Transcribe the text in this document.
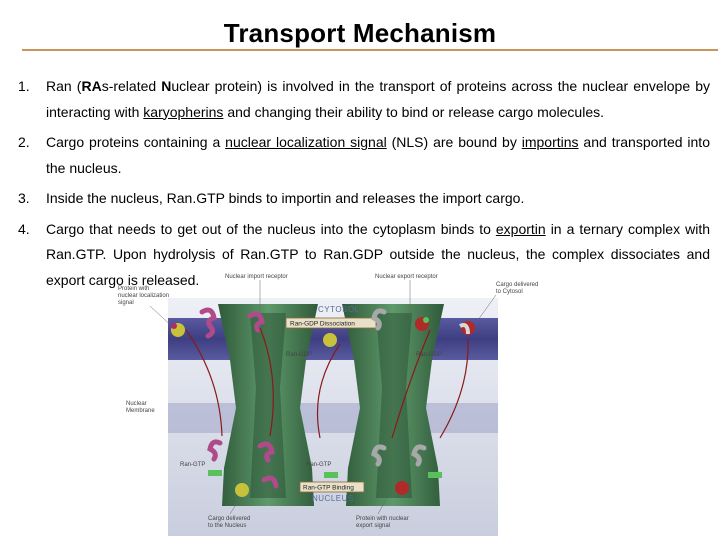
Transport Mechanism
1. Ran (RAs-related Nuclear protein) is involved in the transport of proteins across the nuclear envelope by interacting with karyopherins and changing their ability to bind or release cargo molecules.
2. Cargo proteins containing a nuclear localization signal (NLS) are bound by importins and transported into the nucleus.
3. Inside the nucleus, Ran.GTP binds to importin and releases the import cargo.
4. Cargo that needs to get out of the nucleus into the cytoplasm binds to exportin in a ternary complex with Ran.GTP. Upon hydrolysis of Ran.GTP to Ran.GDP outside the nucleus, the complex dissociates and export cargo is released.
CYTOSOL
Ran-GDP Dissociation
Ran-GTP Binding
NUCLEUS
Nuclear import receptor	Nuclear export receptor
Cargo delivered
to Cytosol
Protein with
nuclear localization
signal
Nuclear
Membrane
Cargo delivered
to the Nucleus
Protein with nuclear
export signal
Ran-GTP	Ran-GTP
Ran-GDP	Ran-GDP
